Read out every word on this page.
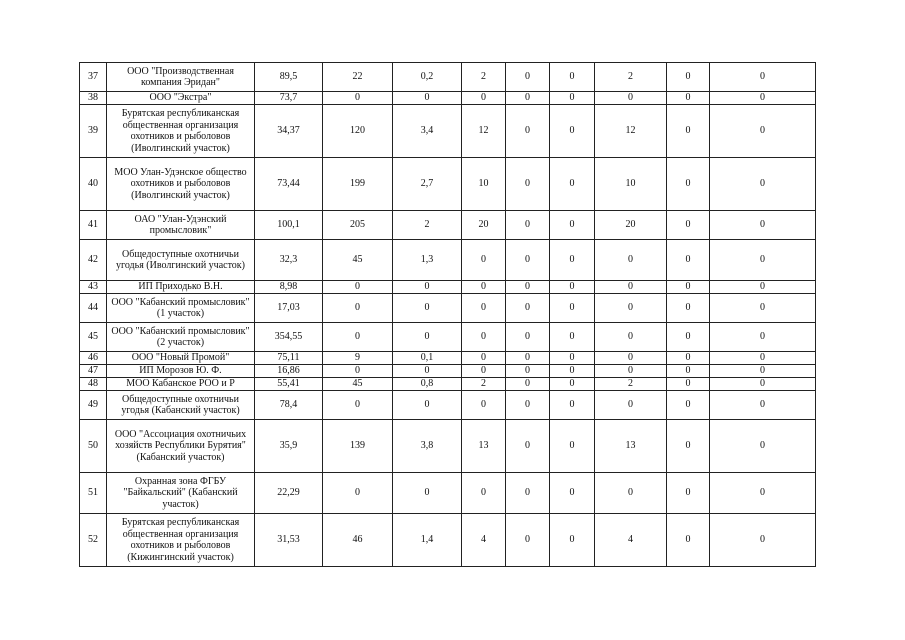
37	ООО "Производственная компания Эридан"	89,5	22	0,2	2	0	0	2	0	0
38	ООО "Экстра"	73,7	0	0	0	0	0	0	0	0
39	Бурятская республиканская общественная организация охотников и рыболовов (Иволгинский участок)	34,37	120	3,4	12	0	0	12	0	0
40	МОО Улан-Удэнское общество охотников и рыболовов (Иволгинский участок)	73,44	199	2,7	10	0	0	10	0	0
41	ОАО "Улан-Удэнский промысловик"	100,1	205	2	20	0	0	20	0	0
42	Общедоступные охотничьи угодья (Иволгинский участок)	32,3	45	1,3	0	0	0	0	0	0
43	ИП Приходько В.Н.	8,98	0	0	0	0	0	0	0	0
44	ООО "Кабанский промысловик" (1 участок)	17,03	0	0	0	0	0	0	0	0
45	ООО "Кабанский промысловик" (2 участок)	354,55	0	0	0	0	0	0	0	0
46	ООО "Новый Промой"	75,11	9	0,1	0	0	0	0	0	0
47	ИП Морозов Ю. Ф.	16,86	0	0	0	0	0	0	0	0
48	МОО Кабанское РОО и Р	55,41	45	0,8	2	0	0	2	0	0
49	Общедоступные охотничьи угодья (Кабанский участок)	78,4	0	0	0	0	0	0	0	0
50	ООО "Ассоциация охотничьих хозяйств Республики Бурятия" (Кабанский участок)	35,9	139	3,8	13	0	0	13	0	0
51	Охранная зона ФГБУ "Байкальский" (Кабанский участок)	22,29	0	0	0	0	0	0	0	0
52	Бурятская республиканская общественная организация охотников и рыболовов (Кижингинский участок)	31,53	46	1,4	4	0	0	4	0	0
